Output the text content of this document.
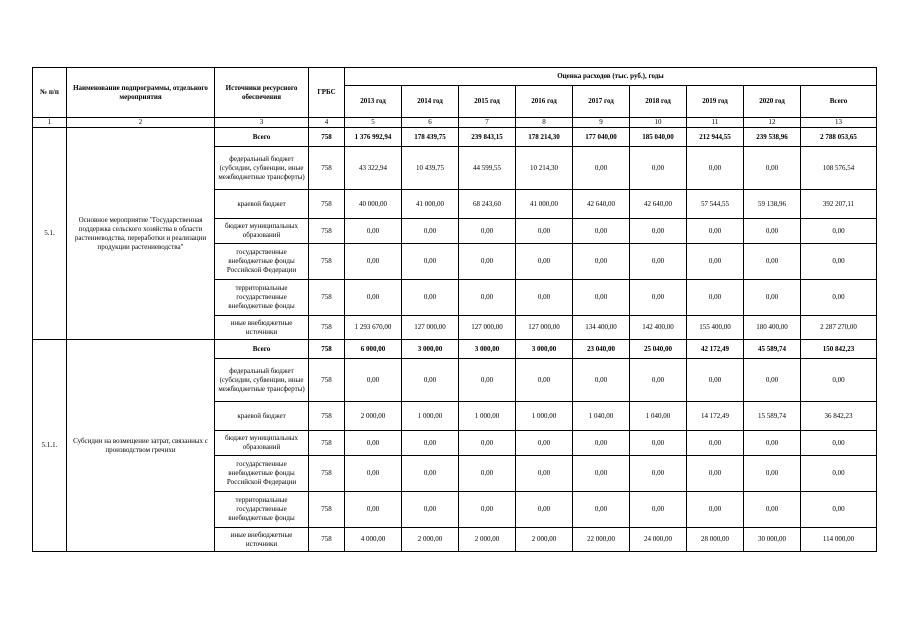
№ п/п	Наименование подпрограммы, отдельного мероприятия	Источники ресурсного обеспечения	ГРБС	Оценка расходов (тыс. руб.), годы								
				2013 год	2014 год	2015 год	2016 год	2017 год	2018 год	2019 год	2020 год	Всего
1	2	3	4	5	6	7	8	9	10	11	12	13
5.1.	Основное мероприятие "Государственная поддержка сельского хозяйства в области растениеводства, переработки и реализации продукции растениеводства"	Всего	758	1 376 992,94	178 439,75	239 843,15	178 214,30	177 040,00	185 040,00	212 944,55	239 538,96	2 788 053,65
		федеральный бюджет (субсидии, субвенции, иные межбюджетные трансферты)	758	43 322,94	10 439,75	44 599,55	10 214,30	0,00	0,00	0,00	0,00	108 576,54
		краевой бюджет	758	40 000,00	41 000,00	68 243,60	41 000,00	42 640,00	42 640,00	57 544,55	59 138,96	392 207,11
		бюджет муниципальных образований	758	0,00	0,00	0,00	0,00	0,00	0,00	0,00	0,00	0,00
		государственные внебюджетные фонды Российской Федерации	758	0,00	0,00	0,00	0,00	0,00	0,00	0,00	0,00	0,00
		территориальные государственные внебюджетные фонды	758	0,00	0,00	0,00	0,00	0,00	0,00	0,00	0,00	0,00
		иные внебюджетные источники	758	1 293 670,00	127 000,00	127 000,00	127 000,00	134 400,00	142 400,00	155 400,00	180 400,00	2 287 270,00
5.1.1.	Субсидии на возмещение затрат, связанных с производством гречихи	Всего	758	6 000,00	3 000,00	3 000,00	3 000,00	23 040,00	25 040,00	42 172,49	45 589,74	150 842,23
		федеральный бюджет (субсидии, субвенции, иные межбюджетные трансферты)	758	0,00	0,00	0,00	0,00	0,00	0,00	0,00	0,00	0,00
		краевой бюджет	758	2 000,00	1 000,00	1 000,00	1 000,00	1 040,00	1 040,00	14 172,49	15 589,74	36 842,23
		бюджет муниципальных образований	758	0,00	0,00	0,00	0,00	0,00	0,00	0,00	0,00	0,00
		государственные внебюджетные фонды Российской Федерации	758	0,00	0,00	0,00	0,00	0,00	0,00	0,00	0,00	0,00
		территориальные государственные внебюджетные фонды	758	0,00	0,00	0,00	0,00	0,00	0,00	0,00	0,00	0,00
		иные внебюджетные источники	758	4 000,00	2 000,00	2 000,00	2 000,00	22 000,00	24 000,00	28 000,00	30 000,00	114 000,00
